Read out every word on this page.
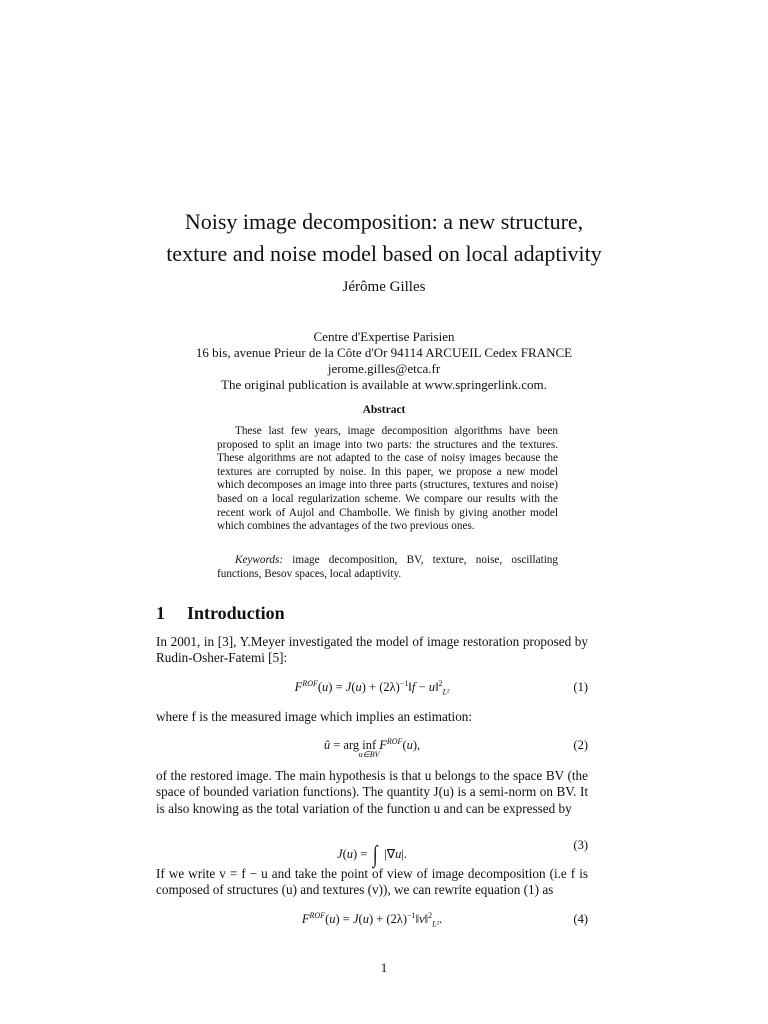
Noisy image decomposition: a new structure,
texture and noise model based on local adaptivity
Jérôme Gilles
Centre d'Expertise Parisien
16 bis, avenue Prieur de la Côte d'Or 94114 ARCUEIL Cedex FRANCE
jerome.gilles@etca.fr
The original publication is available at www.springerlink.com.
Abstract
These last few years, image decomposition algorithms have been proposed to split an image into two parts: the structures and the textures. These algorithms are not adapted to the case of noisy images because the textures are corrupted by noise. In this paper, we propose a new model which decomposes an image into three parts (structures, textures and noise) based on a local regularization scheme. We compare our results with the recent work of Aujol and Chambolle. We finish by giving another model which combines the advantages of the two previous ones.
Keywords: image decomposition, BV, texture, noise, oscillating functions, Besov spaces, local adaptivity.
1 Introduction
In 2001, in [3], Y.Meyer investigated the model of image restoration proposed by Rudin-Osher-Fatemi [5]:
$F^{ROF}(u) = J(u)$ + $(2\lambda)^{-1}‖f$ − u‖$^2_{L^2}$	(1)
where f is the measured image which implies an estimation:
û = arg inf
u∈BV
$F^{ROF}(u)$,	(2)
of the restored image. The main hypothesis is that u belongs to the space BV (the space of bounded variation functions). The quantity J(u) is a semi-norm on BV. It is also knowing as the total variation of the function u and can be expressed by
J(u) = ∫ |∇u|.
(3)
If we write v = f − u and take the point of view of image decomposition (i.e f is composed of structures (u) and textures (v)), we can rewrite equation (1) as
$F^{ROF}(u) = J(u)$ + $(2\lambda)^{-1}‖v‖^2_{L^2}$.	(4)
1
